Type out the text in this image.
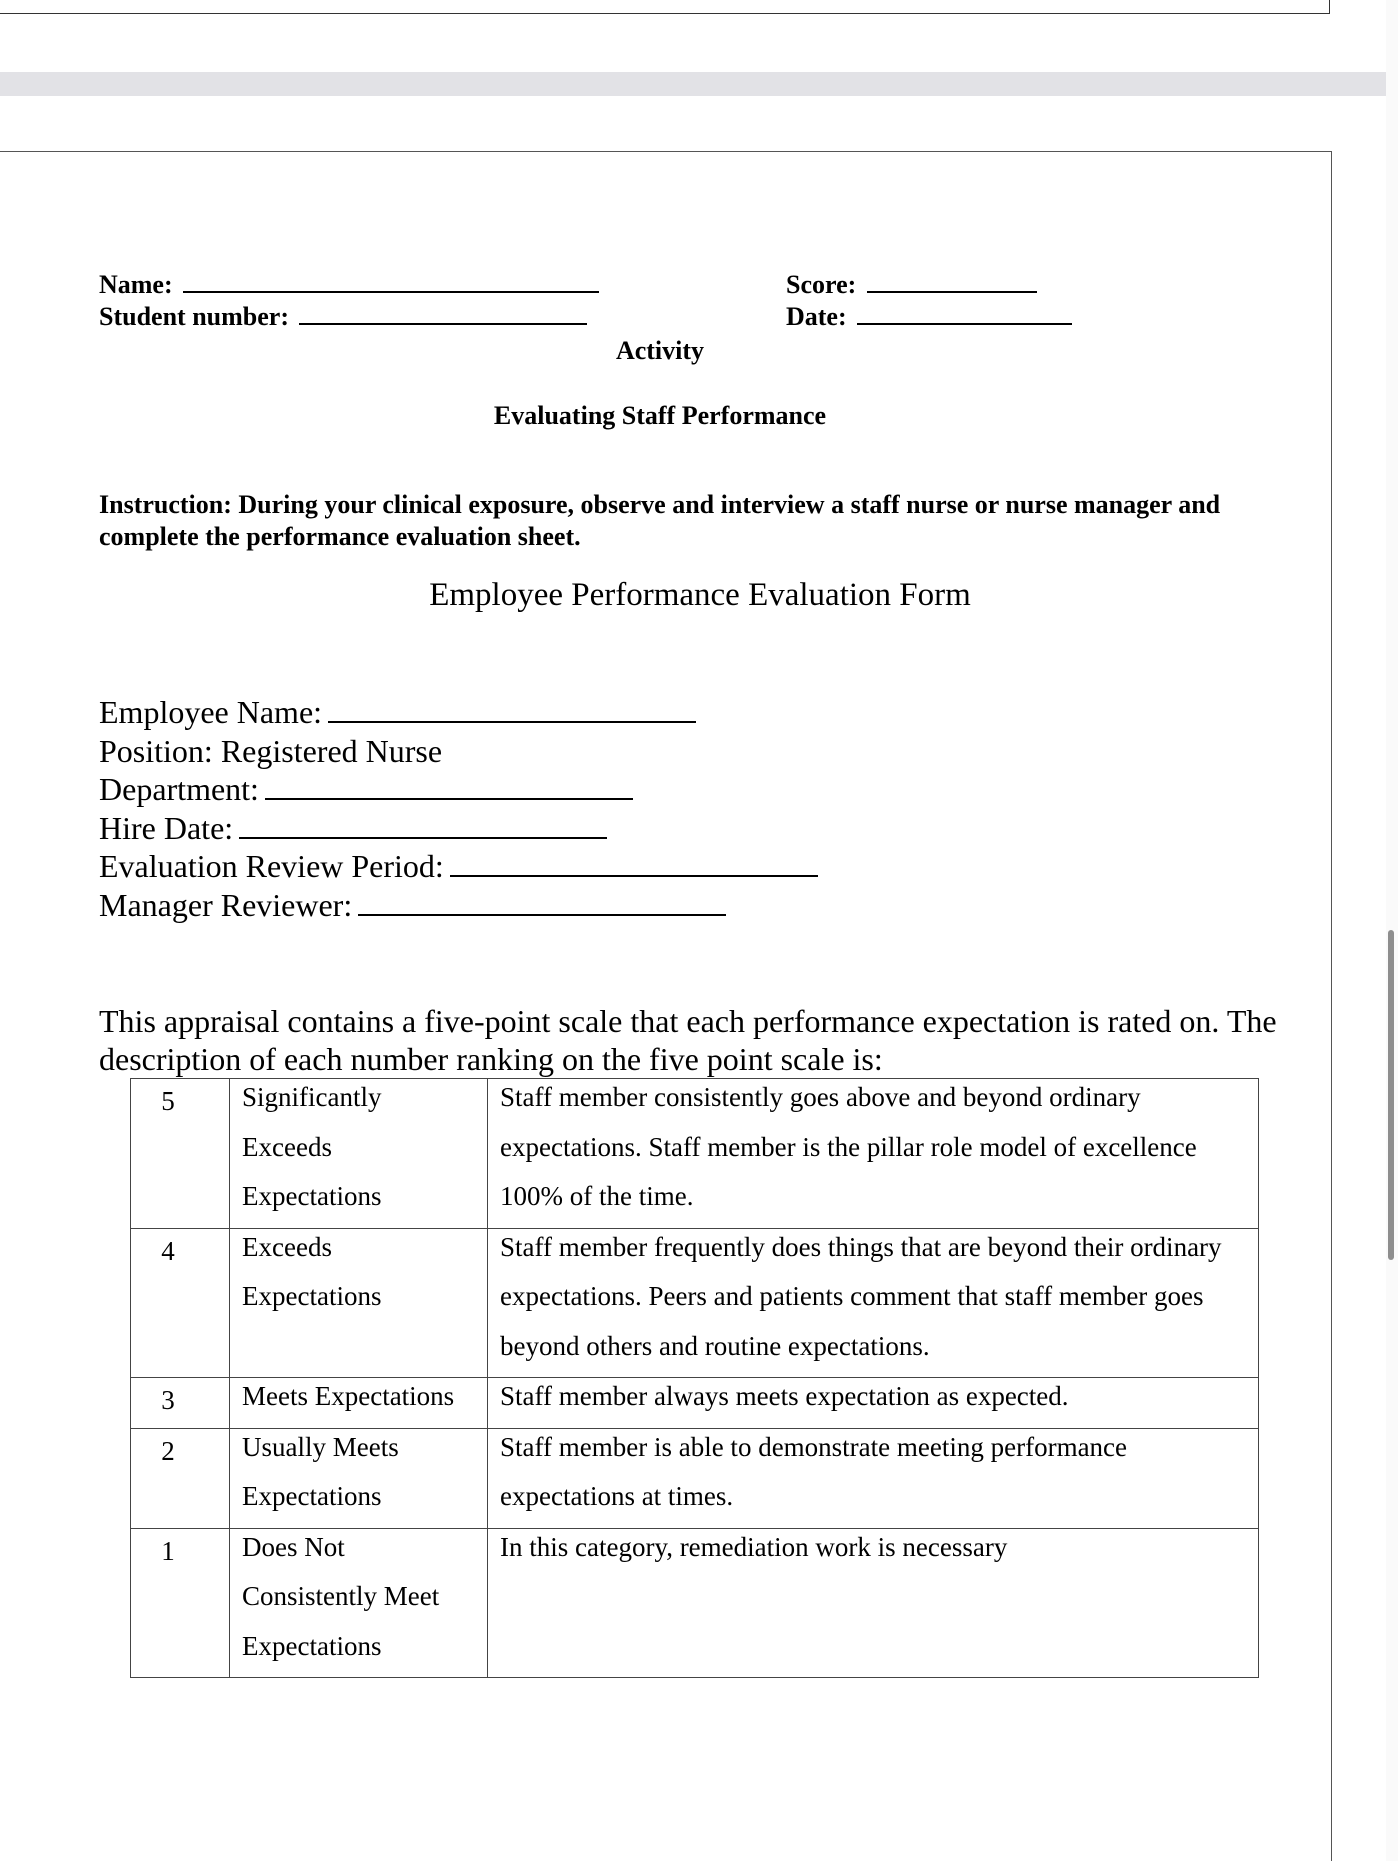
Name:
Student number:
Score:
Date:
Activity
Evaluating Staff Performance
Instruction: During your clinical exposure, observe and interview a staff nurse or nurse manager and complete the performance evaluation sheet.
Employee Performance Evaluation Form
Employee Name:
Position: Registered Nurse
Department:
Hire Date:
Evaluation Review Period:
Manager Reviewer:
This appraisal contains a five-point scale that each performance expectation is rated on. The description of each number ranking on the five point scale is:
5	Significantly Exceeds Expectations	Staff member consistently goes above and beyond ordinary expectations. Staff member is the pillar role model of excellence 100% of the time.

4	Exceeds Expectations	Staff member frequently does things that are beyond their ordinary expectations. Peers and patients comment that staff member goes beyond others and routine expectations.

3	Meets Expectations	Staff member always meets expectation as expected.

2	Usually Meets Expectations	Staff member is able to demonstrate meeting performance expectations at times.

1	Does Not Consistently Meet Expectations	In this category, remediation work is necessary
